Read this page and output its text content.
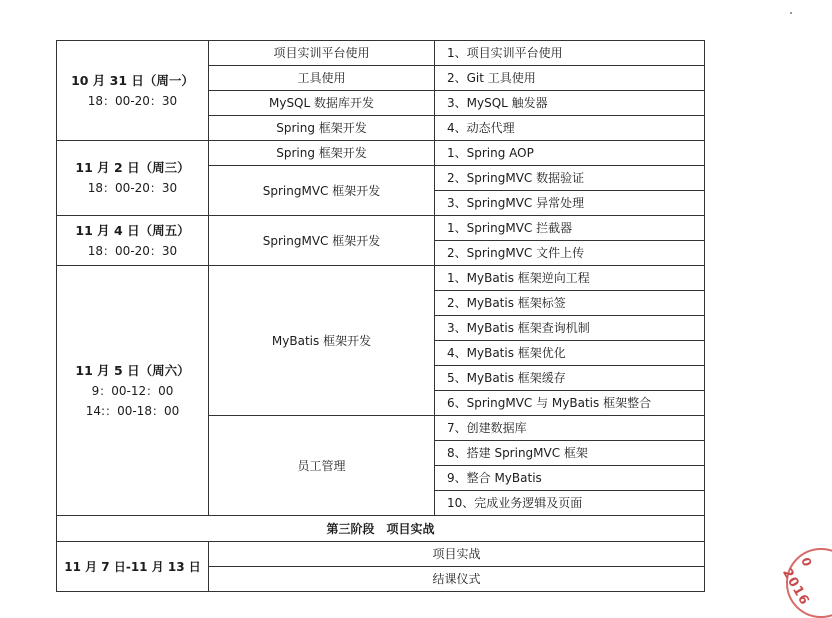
10 月 31 日（周一）
18：00-20：30	项目实训平台使用	1、项目实训平台使用
	工具使用	2、Git 工具使用
	MySQL 数据库开发	3、MySQL 触发器
	Spring 框架开发	4、动态代理

11 月 2 日（周三）
18：00-20：30	Spring 框架开发	1、Spring AOP
	SpringMVC 框架开发	2、SpringMVC 数据验证
		3、SpringMVC 异常处理

11 月 4 日（周五）
18：00-20：30	SpringMVC 框架开发	1、SpringMVC 拦截器
		2、SpringMVC 文件上传

11 月 5 日（周六）
9：00-12：00
14:：00-18：00	MyBatis 框架开发	1、MyBatis 框架逆向工程
		2、MyBatis 框架标签
		3、MyBatis 框架查询机制
		4、MyBatis 框架优化
		5、MyBatis 框架缓存
		6、SpringMVC 与 MyBatis 框架整合
	员工管理	7、创建数据库
		8、搭建 SpringMVC 框架
		9、整合 MyBatis
		10、完成业务逻辑及页面
第三阶段　项目实战		
11 月 7 日-11 月 13 日	项目实战	
	结课仪式		2016
0
